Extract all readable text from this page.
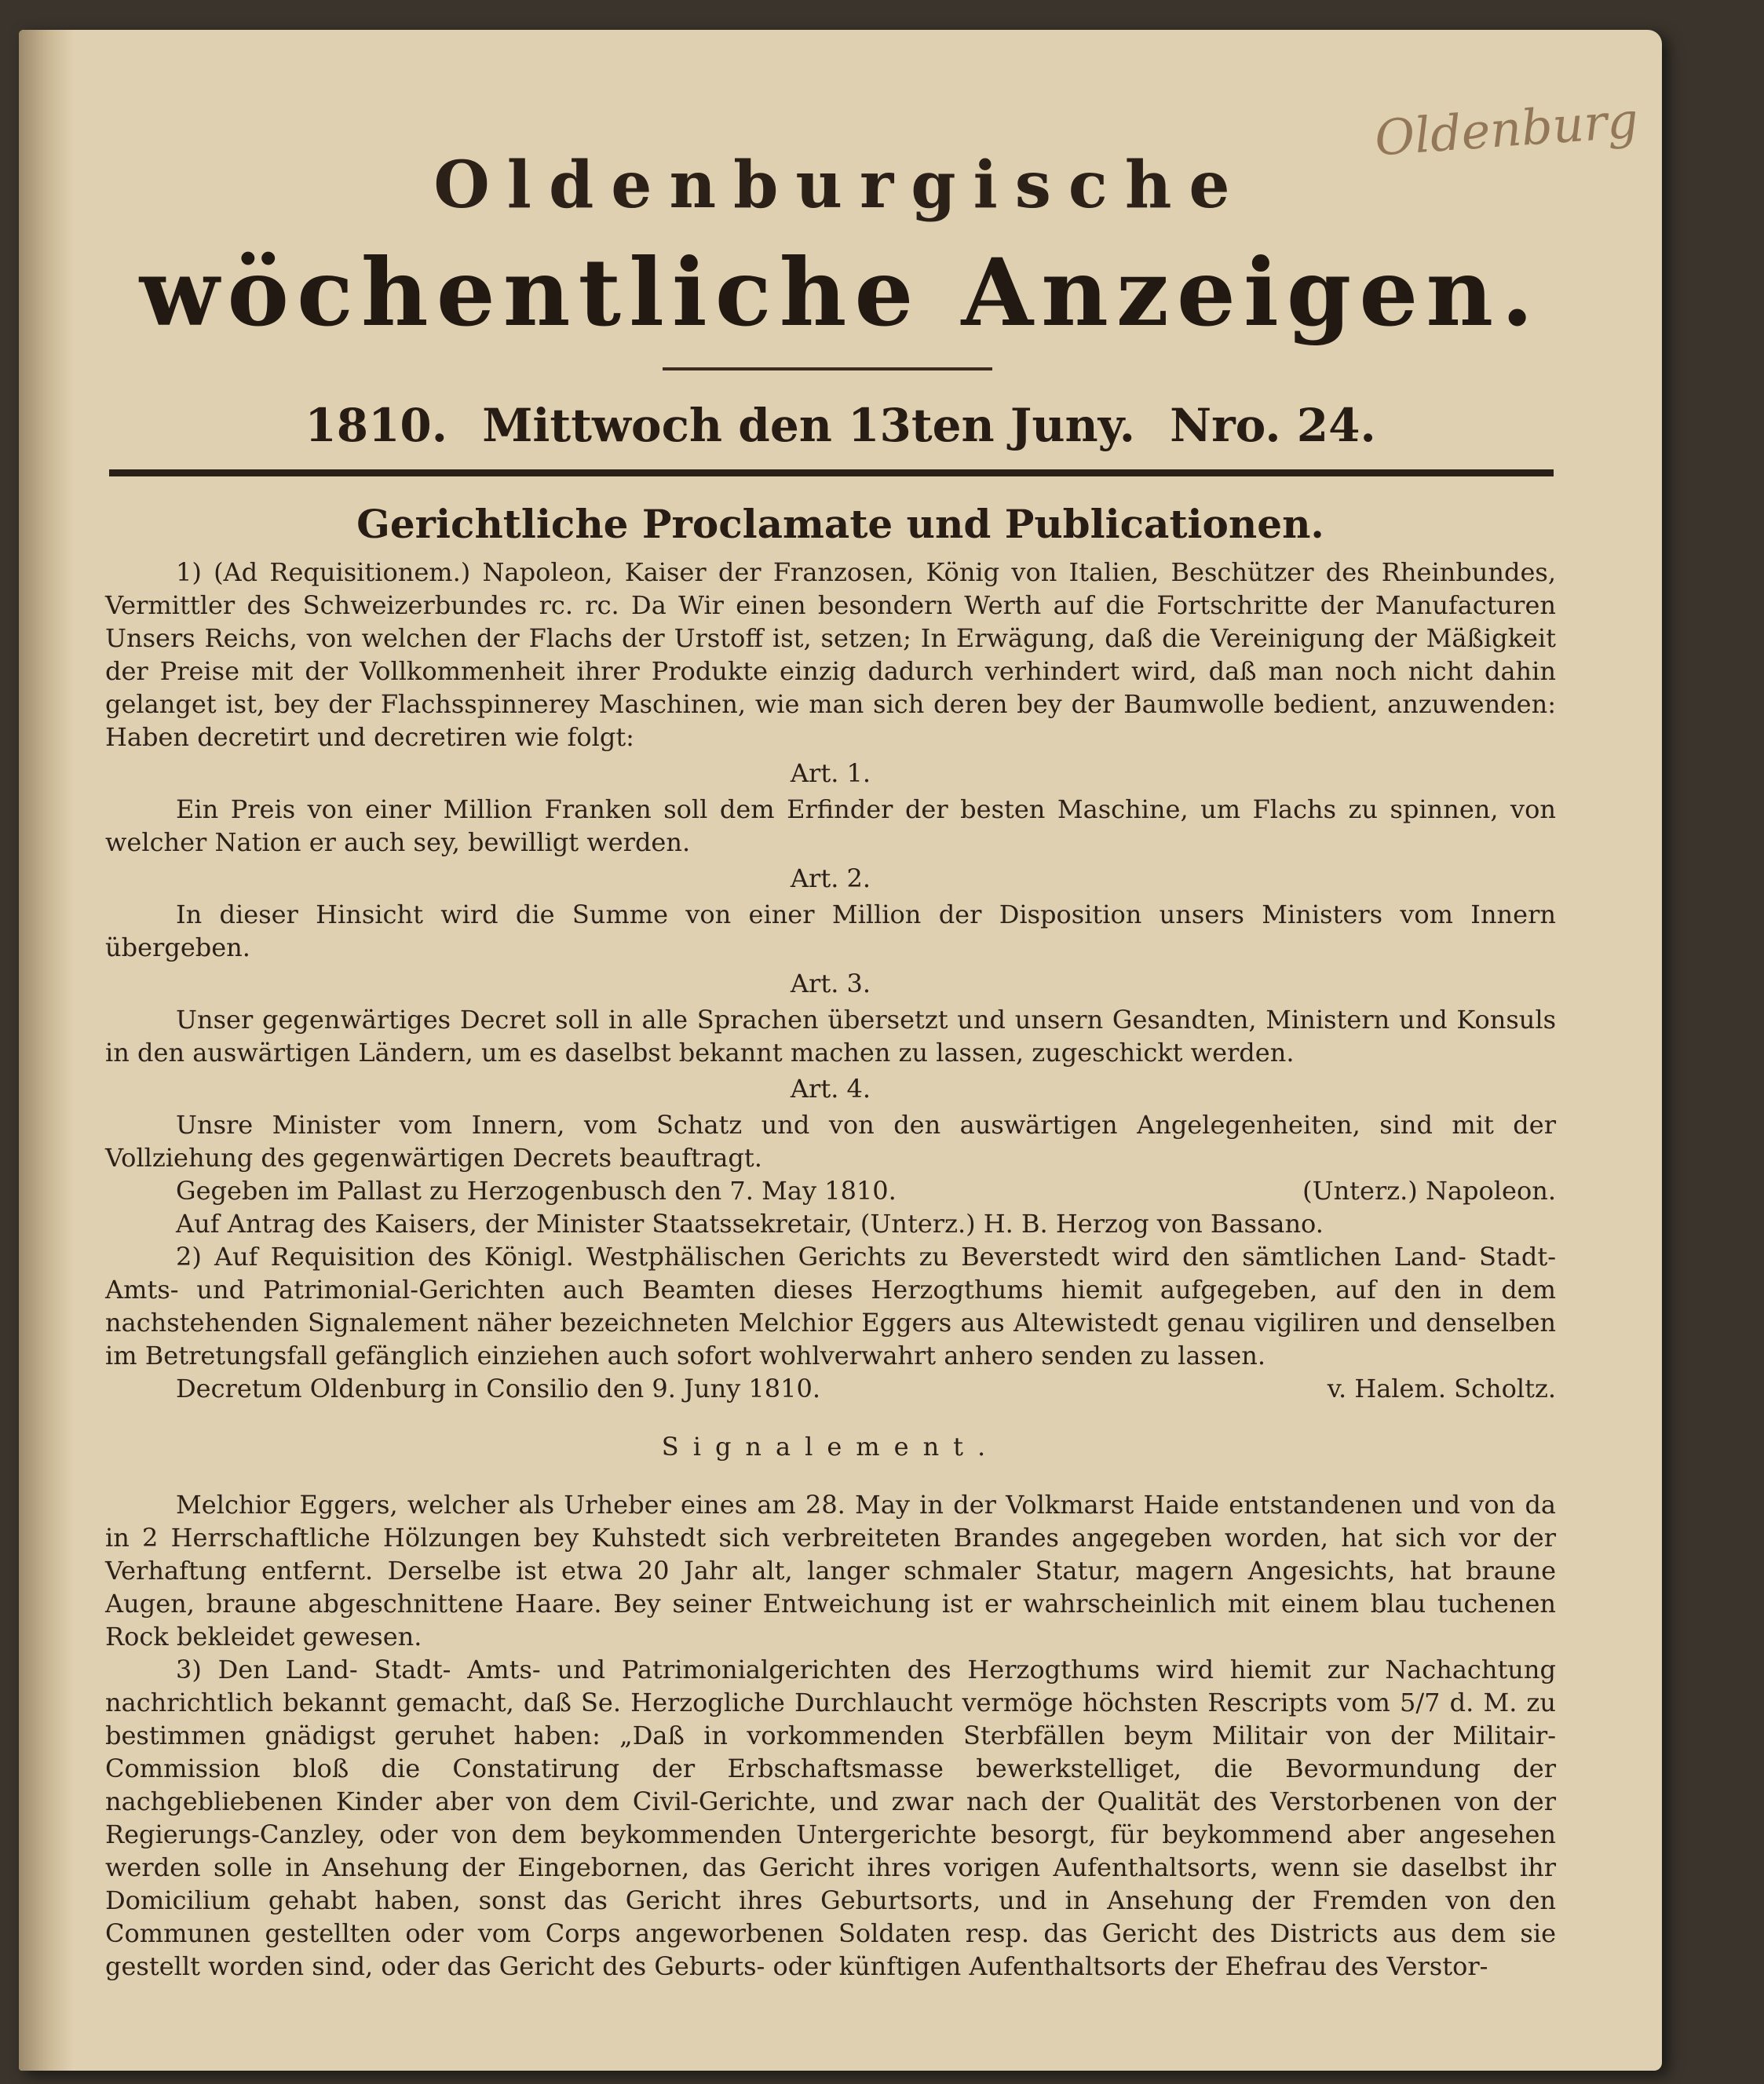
Oldenburg
Oldenburgische
wöchentliche Anzeigen.
1810. Mittwoch den 13ten Juny. Nro. 24.
Gerichtliche Proclamate und Publicationen.

1) (Ad Requisitionem.) Napoleon, Kaiser der Franzosen, König von Italien, Beschützer des Rheinbundes, Vermittler des Schweizerbundes rc. rc. Da Wir einen besondern Werth auf die Fortschritte der Manufacturen Unsers Reichs, von welchen der Flachs der Urstoff ist, setzen; In Erwägung, daß die Vereinigung der Mäßigkeit der Preise mit der Vollkommenheit ihrer Produkte einzig dadurch verhindert wird, daß man noch nicht dahin gelanget ist, bey der Flachsspinnerey Maschinen, wie man sich deren bey der Baumwolle bedient, anzuwenden: Haben decretirt und decretiren wie folgt:

Art. 1.

Ein Preis von einer Million Franken soll dem Erfinder der besten Maschine, um Flachs zu spinnen, von welcher Nation er auch sey, bewilligt werden.

Art. 2.

In dieser Hinsicht wird die Summe von einer Million der Disposition unsers Ministers vom Innern übergeben.

Art. 3.

Unser gegenwärtiges Decret soll in alle Sprachen übersetzt und unsern Gesandten, Ministern und Konsuls in den auswärtigen Ländern, um es daselbst bekannt machen zu lassen, zugeschickt werden.

Art. 4.

Unsre Minister vom Innern, vom Schatz und von den auswärtigen Angelegenheiten, sind mit der Vollziehung des gegenwärtigen Decrets beauftragt.

Gegeben im Pallast zu Herzogenbusch den 7. May 1810.	(Unterz.) Napoleon.

Auf Antrag des Kaisers, der Minister Staatssekretair, (Unterz.) H. B. Herzog von Bassano.

2) Auf Requisition des Königl. Westphälischen Gerichts zu Beverstedt wird den sämtlichen Land- Stadt- Amts- und Patrimonial-Gerichten auch Beamten dieses Herzogthums hiemit aufgegeben, auf den in dem nachstehenden Signalement näher bezeichneten Melchior Eggers aus Altewistedt genau vigiliren und denselben im Betretungsfall gefänglich einziehen auch sofort wohlverwahrt anhero senden zu lassen.

Decretum Oldenburg in Consilio den 9. Juny 1810.	v. Halem. Scholtz.

Signalement.

Melchior Eggers, welcher als Urheber eines am 28. May in der Volkmarst Haide entstandenen und von da in 2 Herrschaftliche Hölzungen bey Kuhstedt sich verbreiteten Brandes angegeben worden, hat sich vor der Verhaftung entfernt. Derselbe ist etwa 20 Jahr alt, langer schmaler Statur, magern Angesichts, hat braune Augen, braune abgeschnittene Haare. Bey seiner Entweichung ist er wahrscheinlich mit einem blau tuchenen Rock bekleidet gewesen.

3) Den Land- Stadt- Amts- und Patrimonialgerichten des Herzogthums wird hiemit zur Nachachtung nachrichtlich bekannt gemacht, daß Se. Herzogliche Durchlaucht vermöge höchsten Rescripts vom 5/7 d. M. zu bestimmen gnädigst geruhet haben: „Daß in vorkommenden Sterbfällen beym Militair von der Militair-Commission bloß die Constatirung der Erbschaftsmasse bewerkstelliget, die Bevormundung der nachgebliebenen Kinder aber von dem Civil-Gerichte, und zwar nach der Qualität des Verstorbenen von der Regierungs-Canzley, oder von dem beykommenden Untergerichte besorgt, für beykommend aber angesehen werden solle in Ansehung der Eingebornen, das Gericht ihres vorigen Aufenthaltsorts, wenn sie daselbst ihr Domicilium gehabt haben, sonst das Gericht ihres Geburtsorts, und in Ansehung der Fremden von den Communen gestellten oder vom Corps angeworbenen Soldaten resp. das Gericht des Districts aus dem sie gestellt worden sind, oder das Gericht des Geburts- oder künftigen Aufenthaltsorts der Ehefrau des Verstor-
